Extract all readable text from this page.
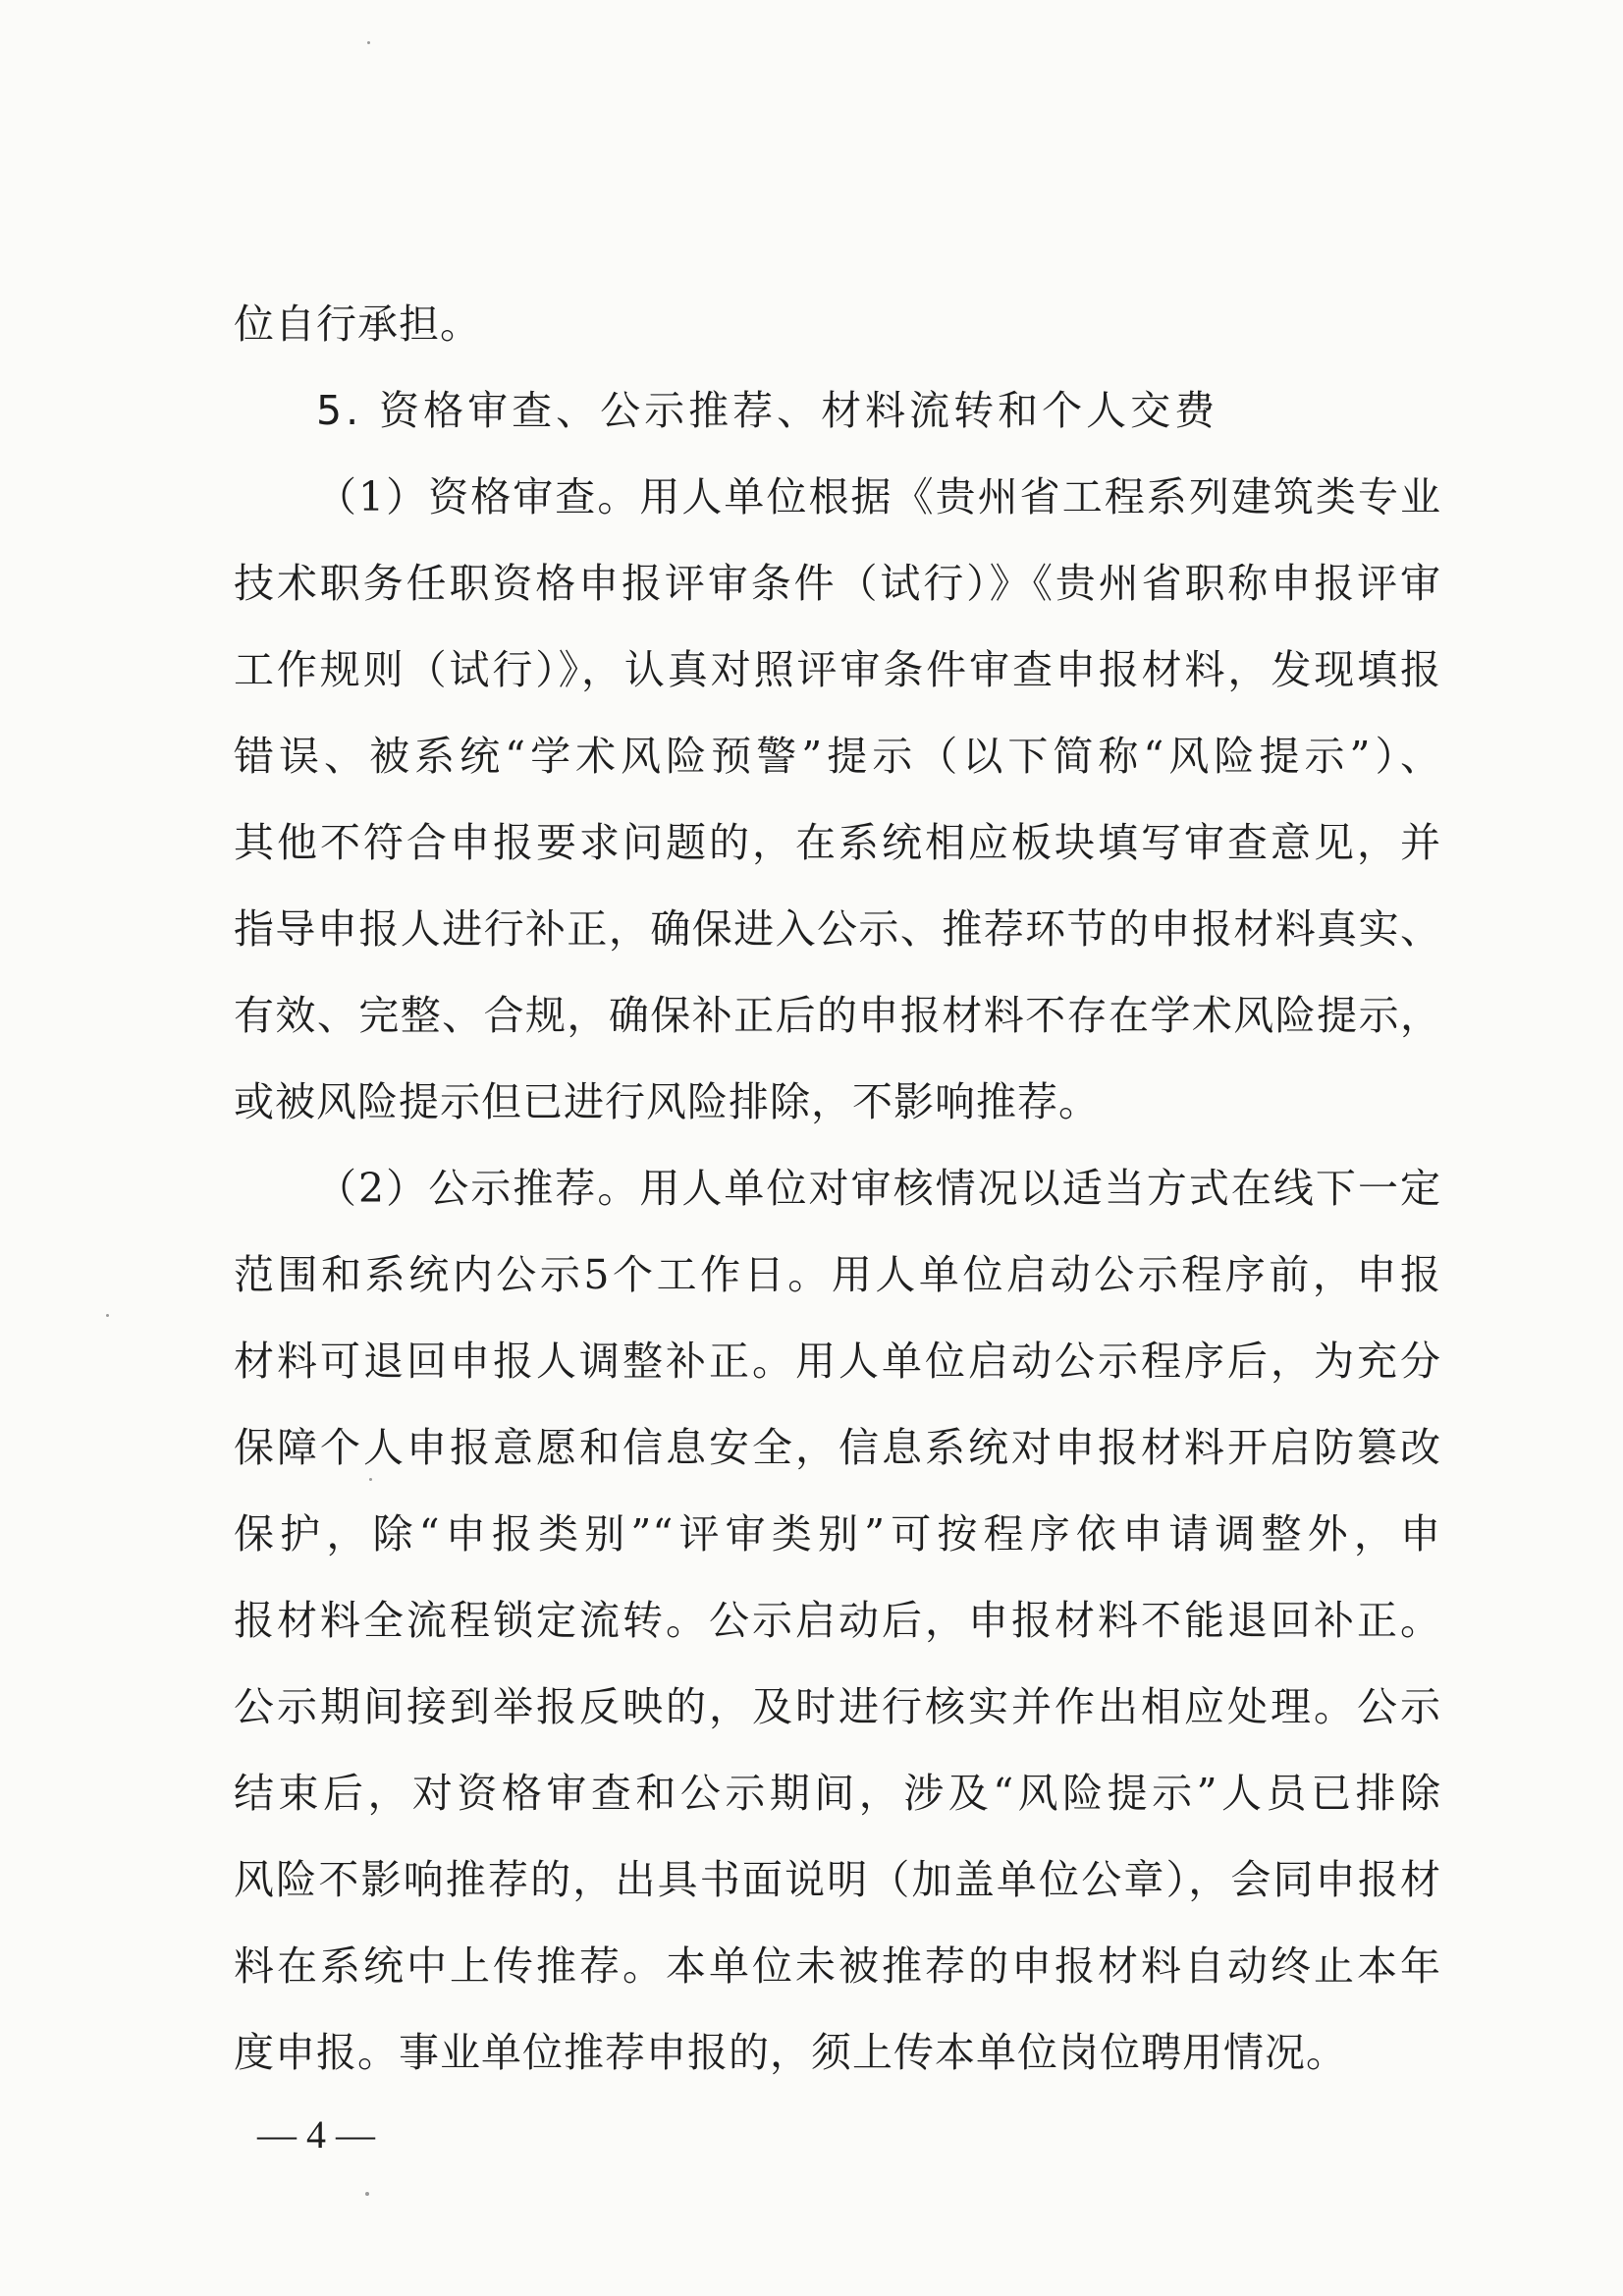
位自行承担。
5. 资格审查、公示推荐、材料流转和个人交费
（1）资格审查。用人单位根据《贵州省工程系列建筑类专业
技术职务任职资格申报评审条件（试行）》《贵州省职称申报评审
工作规则（试行）》，认真对照评审条件审查申报材料，发现填报
错误、被系统“学术风险预警”提示（以下简称“风险提示”）、
其他不符合申报要求问题的，在系统相应板块填写审查意见，并
指导申报人进行补正，确保进入公示、推荐环节的申报材料真实、
有效、完整、合规，确保补正后的申报材料不存在学术风险提示，
或被风险提示但已进行风险排除，不影响推荐。
（2）公示推荐。用人单位对审核情况以适当方式在线下一定
范围和系统内公示5个工作日。用人单位启动公示程序前，申报
材料可退回申报人调整补正。用人单位启动公示程序后，为充分
保障个人申报意愿和信息安全，信息系统对申报材料开启防篡改
保护，除“申报类别”“评审类别”可按程序依申请调整外，申
报材料全流程锁定流转。公示启动后，申报材料不能退回补正。
公示期间接到举报反映的，及时进行核实并作出相应处理。公示
结束后，对资格审查和公示期间，涉及“风险提示”人员已排除
风险不影响推荐的，出具书面说明（加盖单位公章），会同申报材
料在系统中上传推荐。本单位未被推荐的申报材料自动终止本年
— 4 —
度申报。事业单位推荐申报的，须上传本单位岗位聘用情况。
